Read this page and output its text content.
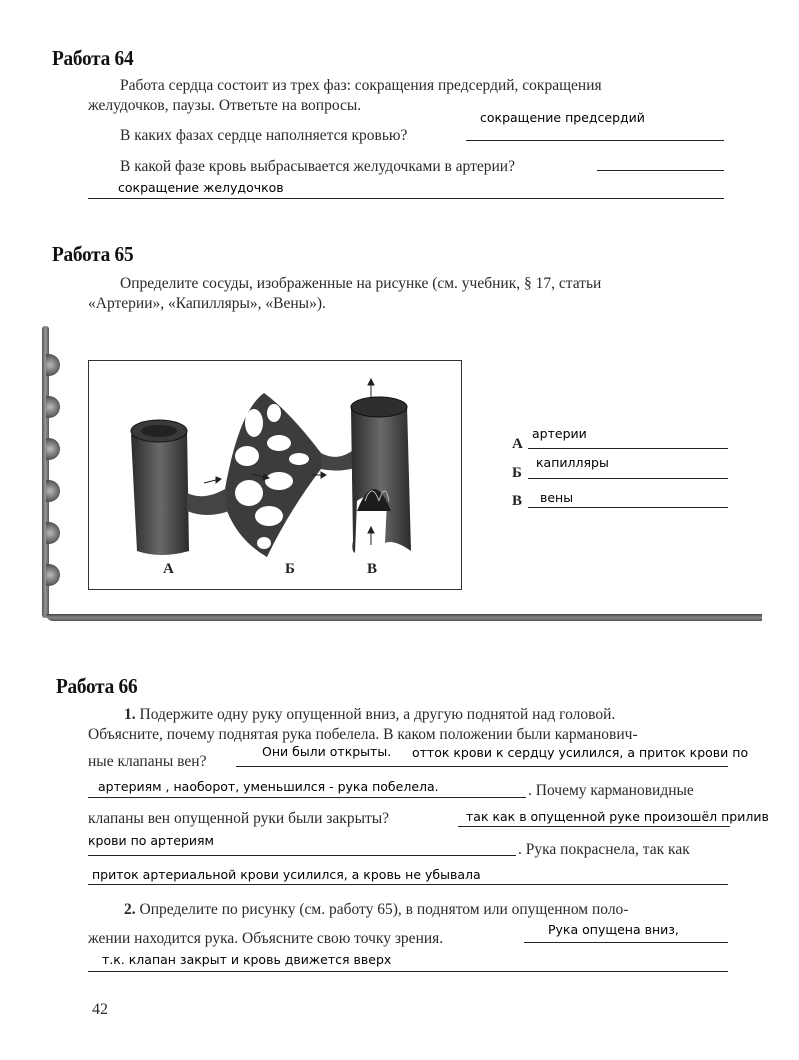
Работа 64
Работа сердца состоит из трех фаз: сокращения предсердий, сокращения
желудочков, паузы. Ответьте на вопросы.
В каких фазах сердце наполняется кровью?
сокращение предсердий
В какой фазе кровь выбрасывается желудочками в артерии?
сокращение желудочков
Работа 65
Определите сосуды, изображенные на рисунке (см. учебник, § 17, статьи
«Артерии», «Капилляры», «Вены»).
А	Б	В
А
артерии
Б
капилляры
В вены
Работа 66
1. Подержите одну руку опущенной вниз, а другую поднятой над головой.
Объясните, почему поднятая рука побелела. В каком положении были карманович-
ные клапаны вен?
Они были открыты. отток крови к сердцу усилился, а приток крови по
артериям , наоборот, уменьшился - рука побелела.	. Почему кармановидные
клапаны вен опущенной руки были закрыты?	так как в опущенной руке произошёл прилив
крови по артериям
. Рука покраснела, так как
приток артериальной крови усилился, а кровь не убывала
2. Определите по рисунку (см. работу 65), в поднятом или опущенном поло-
жении находится рука. Объясните свою точку зрения.
Рука опущена вниз,
т.к. клапан закрыт и кровь движется вверх
42
